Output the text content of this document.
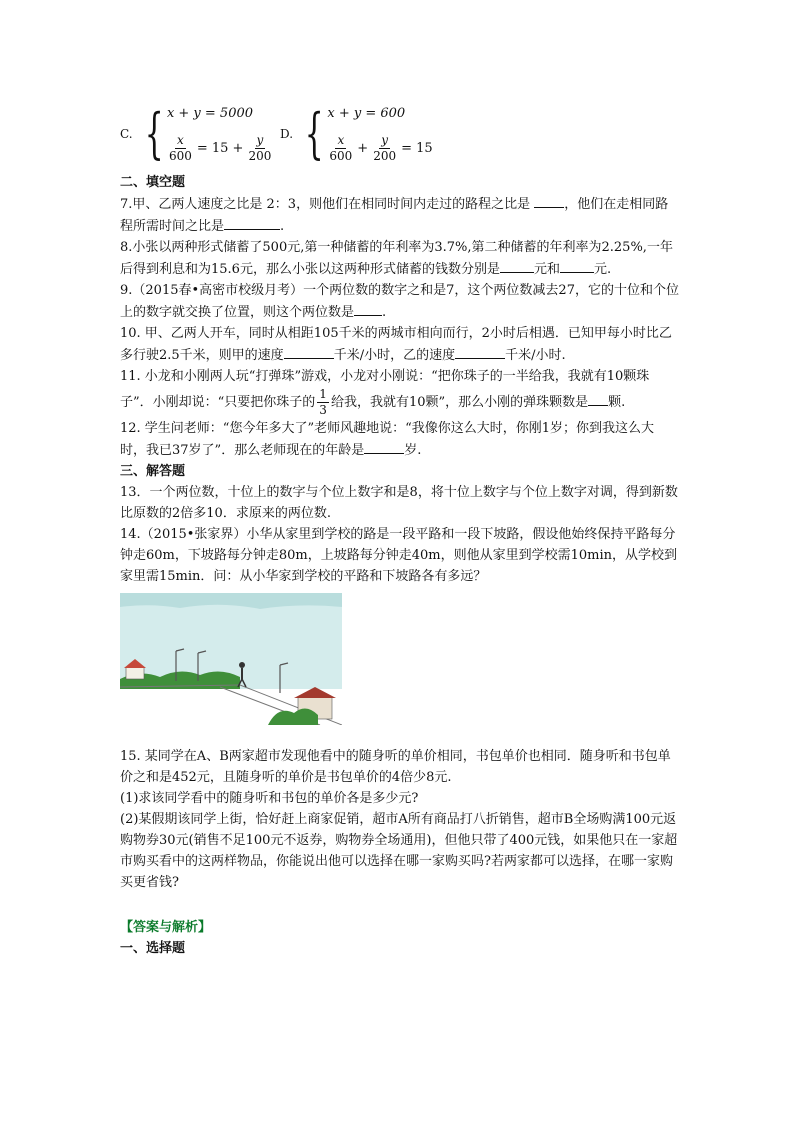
C. { x + y = 5000
$\frac{x}{600} = 15 + \frac{y}{200} D$. { x + y = 600
$\frac{x}{600} + \frac{y}{200} = 15$

二、填空题

7.甲、乙两人速度之比是 2：3，则他们在相同时间内走过的路程之比是 ，他们在走相同路程所需时间之比是	.

8.小张以两种形式储蓄了500元,第一种储蓄的年利率为3.7%,第二种储蓄的年利率为2.25%,一年后得到利息和为15.6元，那么小张以这两种形式储蓄的钱数分别是	元和	元.

9.（2015春•高密市校级月考）一个两位数的数字之和是7，这个两位数减去27，它的十位和个位上的数字就交换了位置，则这个两位数是 .

10. 甲、乙两人开车，同时从相距105千米的两城市相向而行，2小时后相遇．已知甲每小时比乙多行驶2.5千米，则甲的速度	千米/小时，乙的速度	千米/小时.

11. 小龙和小刚两人玩“打弹珠”游戏，小龙对小刚说：“把你珠子的一半给我，我就有10颗珠子”．小刚却说：“只要把你珠子的 $\frac{1}{3}$ 给我，我就有10颗”，那么小刚的弹珠颗数是 颗.

12. 学生问老师：“您今年多大了”老师风趣地说：“我像你这么大时，你刚1岁；你到我这么大时，我已37岁了”．那么老师现在的年龄是	岁.

三、解答题

13．一个两位数，十位上的数字与个位上数字和是8，将十位上数字与个位上数字对调，得到新数比原数的2倍多10．求原来的两位数.

14.（2015•张家界）小华从家里到学校的路是一段平路和一段下坡路，假设他始终保持平路每分钟走60m，下坡路每分钟走80m，上坡路每分钟走40m，则他从家里到学校需10min，从学校到家里需15min．问：从小华家到学校的平路和下坡路各有多远？

15. 某同学在A、B两家超市发现他看中的随身听的单价相同，书包单价也相同．随身听和书包单价之和是452元，且随身听的单价是书包单价的4倍少8元.

(1)求该同学看中的随身听和书包的单价各是多少元?

(2)某假期该同学上街，恰好赶上商家促销，超市A所有商品打八折销售，超市B全场购满100元返购物券30元(销售不足100元不返券，购物券全场通用)，但他只带了400元钱，如果他只在一家超市购买看中的这两样物品，你能说出他可以选择在哪一家购买吗?若两家都可以选择，在哪一家购买更省钱?

【答案与解析】

一、选择题
